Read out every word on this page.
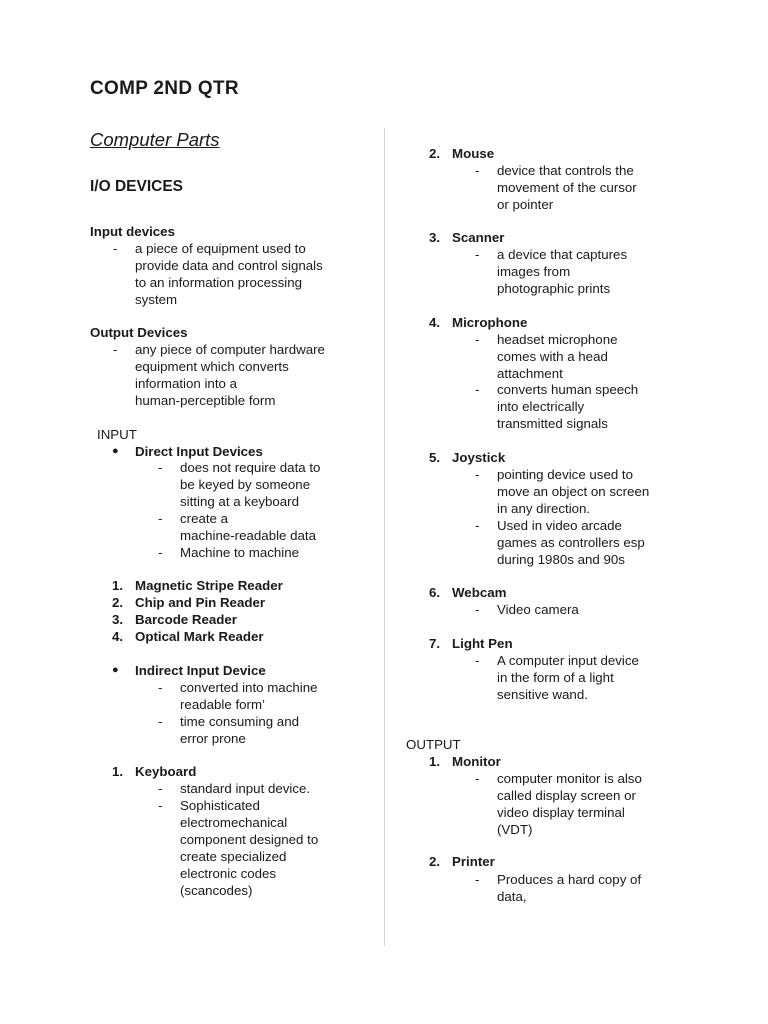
COMP 2ND QTR
Computer Parts
I/O DEVICES
Input devices
- a piece of equipment used to
provide data and control signals
to an information processing
system
Output Devices
- any piece of computer hardware
equipment which converts
information into a
human-perceptible form
INPUT
● Direct Input Devices
- does not require data to
be keyed by someone
sitting at a keyboard
- create a
machine-readable data
- Machine to machine
1. Magnetic Stripe Reader
2. Chip and Pin Reader
3. Barcode Reader
4. Optical Mark Reader
● Indirect Input Device
- converted into machine
readable form’
- time consuming and
error prone
1. Keyboard
- standard input device.
- Sophisticated
electromechanical
component designed to
create specialized
electronic codes
(scancodes)
2. Mouse
- device that controls the
movement of the cursor
or pointer
3. Scanner
- a device that captures
images from
photographic prints
4. Microphone
- headset microphone
comes with a head
attachment
- converts human speech
into electrically
transmitted signals
5. Joystick
- pointing device used to
move an object on screen
in any direction.
- Used in video arcade
games as controllers esp
during 1980s and 90s
6. Webcam
- Video camera
7. Light Pen
- A computer input device
in the form of a light
sensitive wand.
OUTPUT
1. Monitor
- computer monitor is also
called display screen or
video display terminal
(VDT)
2. Printer
- Produces a hard copy of
data,
